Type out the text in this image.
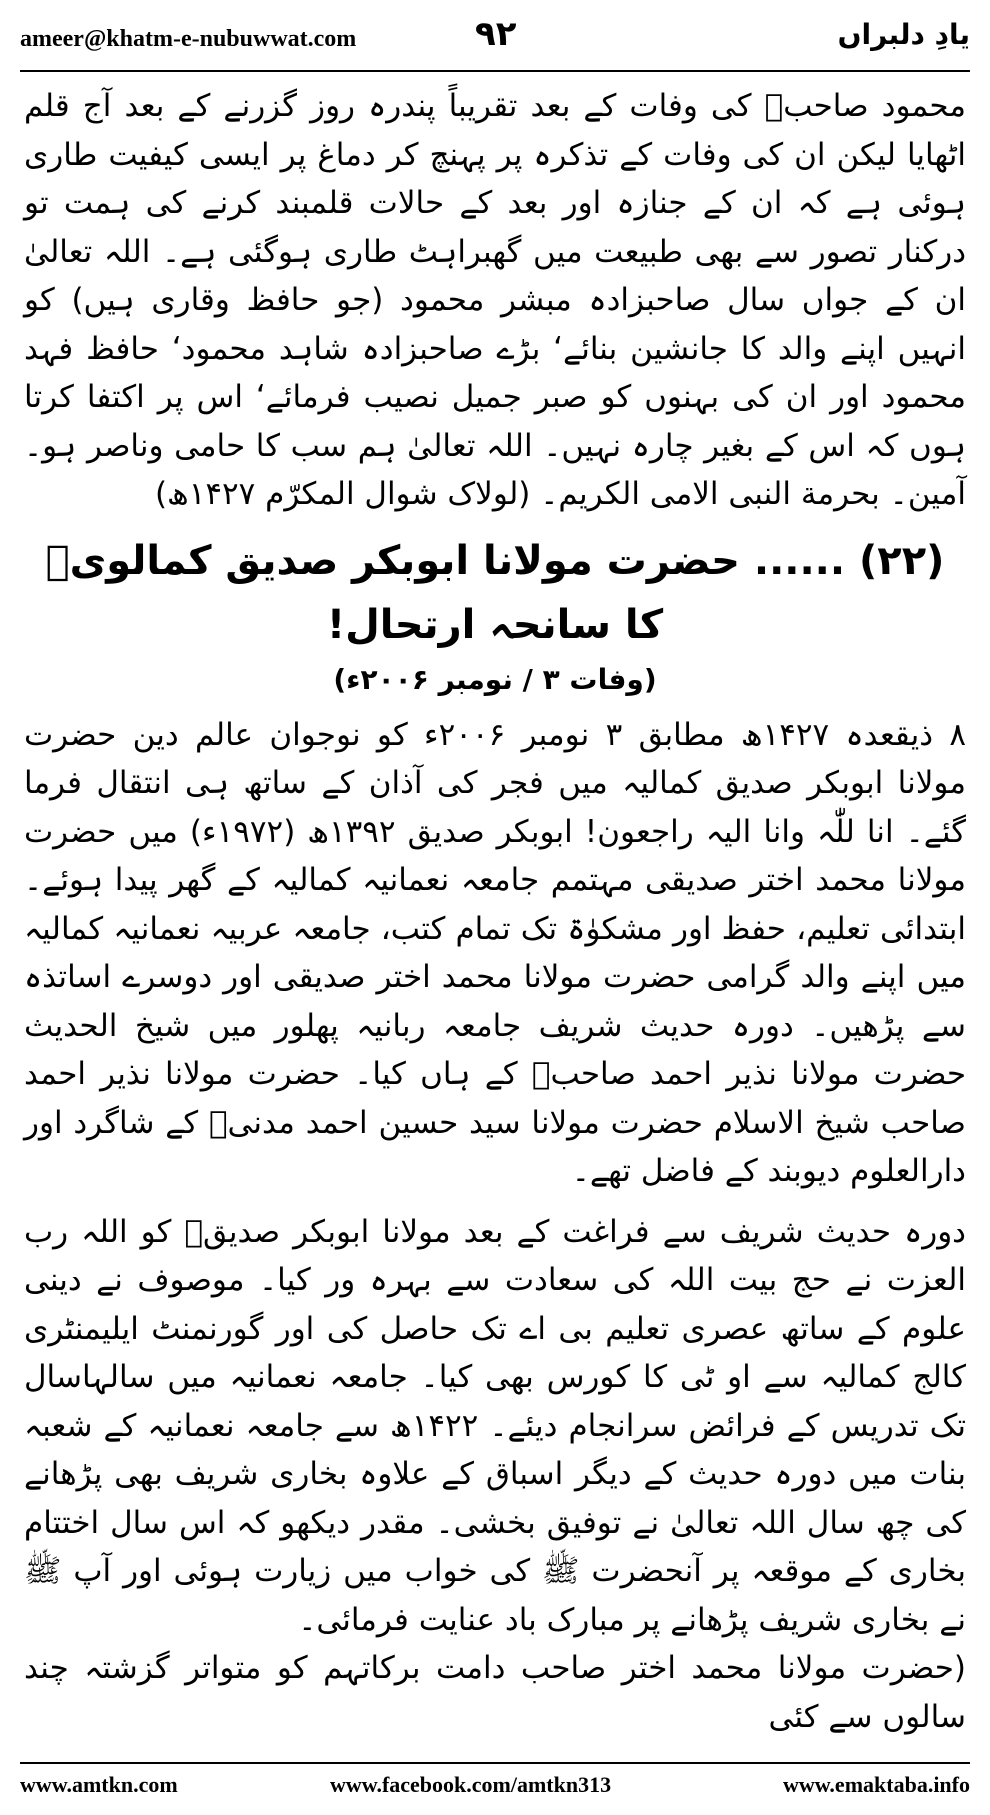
ameer@khatm-e-nubuwwat.com	۹۲	یادِ دلبراں

محمود صاحبؒ کی وفات کے بعد تقریباً پندرہ روز گزرنے کے بعد آج قلم اٹھایا لیکن ان کی وفات کے تذکرہ پر پہنچ کر دماغ پر ایسی کیفیت طاری ہوئی ہے کہ ان کے جنازہ اور بعد کے حالات قلمبند کرنے کی ہمت تو درکنار تصور سے بھی طبیعت میں گھبراہٹ طاری ہوگئی ہے۔ اللہ تعالیٰ ان کے جواں سال صاحبزادہ مبشر محمود (جو حافظ وقاری ہیں) کو انہیں اپنے والد کا جانشین بنائے‘ بڑے صاحبزادہ شاہد محمود‘ حافظ فہد محمود اور ان کی بہنوں کو صبر جمیل نصیب فرمائے‘ اس پر اکتفا کرتا ہوں کہ اس کے بغیر چارہ نہیں۔ اللہ تعالیٰ ہم سب کا حامی وناصر ہو۔ آمین۔ بحرمة النبی الامی الکریم۔ (لولاک شوال المکرّم ۱۴۲۷ھ)

(۲۲) ...... حضرت مولانا ابوبکر صدیق کمالویؒ کا سانحہ ارتحال!
(وفات ۳ / نومبر ۲۰۰۶ء)

۸ ذیقعدہ ۱۴۲۷ھ مطابق ۳ نومبر ۲۰۰۶ء کو نوجوان عالم دین حضرت مولانا ابوبکر صدیق کمالیہ میں فجر کی آذان کے ساتھ ہی انتقال فرما گئے۔ انا للّٰہ وانا الیہ راجعون! ابوبکر صدیق ۱۳۹۲ھ (۱۹۷۲ء) میں حضرت مولانا محمد اختر صدیقی مہتمم جامعہ نعمانیہ کمالیہ کے گھر پیدا ہوئے۔ ابتدائی تعلیم، حفظ اور مشکوٰۃ تک تمام کتب، جامعہ عربیہ نعمانیہ کمالیہ میں اپنے والد گرامی حضرت مولانا محمد اختر صدیقی اور دوسرے اساتذہ سے پڑھیں۔ دورہ حدیث شریف جامعہ ربانیہ پھلور میں شیخ الحدیث حضرت مولانا نذیر احمد صاحبؒ کے ہاں کیا۔ حضرت مولانا نذیر احمد صاحب شیخ الاسلام حضرت مولانا سید حسین احمد مدنیؒ کے شاگرد اور دارالعلوم دیوبند کے فاضل تھے۔

دورہ حدیث شریف سے فراغت کے بعد مولانا ابوبکر صدیقؒ کو اللہ رب العزت نے حج بیت اللہ کی سعادت سے بہرہ ور کیا۔ موصوف نے دینی علوم کے ساتھ عصری تعلیم بی اے تک حاصل کی اور گورنمنٹ ایلیمنٹری کالج کمالیہ سے او ٹی کا کورس بھی کیا۔ جامعہ نعمانیہ میں سالہاسال تک تدریس کے فرائض سرانجام دیئے۔ ۱۴۲۲ھ سے جامعہ نعمانیہ کے شعبہ بنات میں دورہ حدیث کے دیگر اسباق کے علاوہ بخاری شریف بھی پڑھانے کی چھ سال اللہ تعالیٰ نے توفیق بخشی۔ مقدر دیکھو کہ اس سال اختتام بخاری کے موقعہ پر آنحضرت ﷺ کی خواب میں زیارت ہوئی اور آپ ﷺ نے بخاری شریف پڑھانے پر مبارک باد عنایت فرمائی۔

(حضرت مولانا محمد اختر صاحب دامت برکاتہم کو متواتر گزشتہ چند سالوں سے کئی

www.amtkn.com	www.facebook.com/amtkn313	www.emaktaba.info
